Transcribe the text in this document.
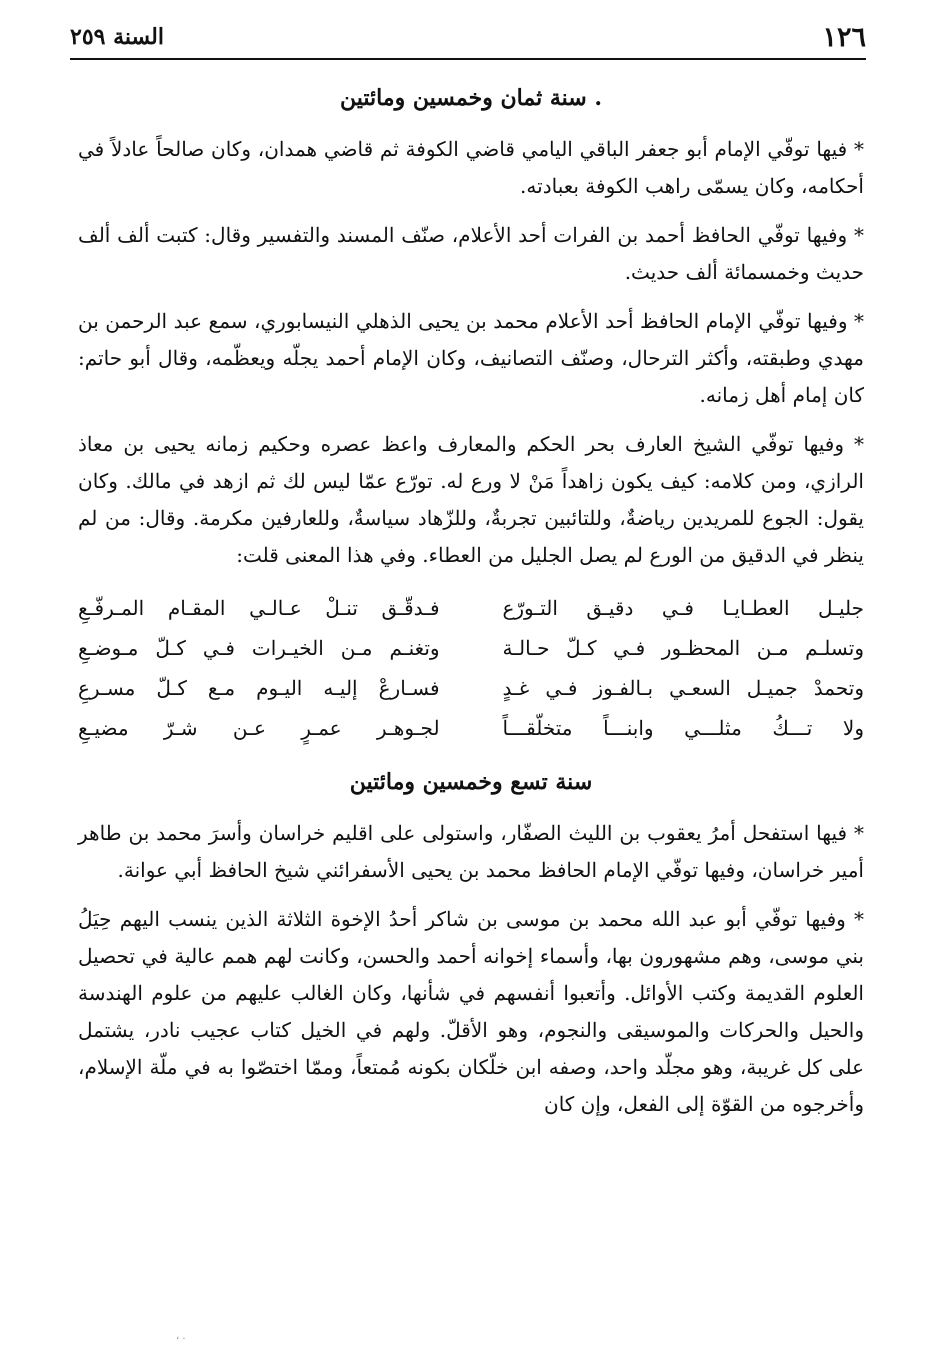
١٢٦
السنة ٢٥٩
. سنة ثمان وخمسين ومائتين

* فيها توفّي الإمام أبو جعفر الباقي اليامي قاضي الكوفة ثم قاضي همدان، وكان صالحاً عادلاً في أحكامه، وكان يسمّى راهب الكوفة بعبادته.

* وفيها توفّي الحافظ أحمد بن الفرات أحد الأعلام، صنّف المسند والتفسير وقال: كتبت ألف ألف حديث وخمسمائة ألف حديث.

* وفيها توفّي الإمام الحافظ أحد الأعلام محمد بن يحيى الذهلي النيسابوري، سمع عبد الرحمن بن مهدي وطبقته، وأكثر الترحال، وصنّف التصانيف، وكان الإمام أحمد يجلّه ويعظّمه، وقال أبو حاتم: كان إمام أهل زمانه.

* وفيها توفّي الشيخ العارف بحر الحكم والمعارف واعظ عصره وحكيم زمانه يحيى بن معاذ الرازي، ومن كلامه: كيف يكون زاهداً مَنْ لا ورع له. تورّع عمّا ليس لك ثم ازهد في مالك. وكان يقول: الجوع للمريدين رياضةٌ، وللتائبين تجربةٌ، وللزّهاد سياسةٌ، وللعارفين مكرمة. وقال: من لم ينظر في الدقيق من الورع لم يصل الجليل من العطاء. وفي هذا المعنى قلت:

جليـل العطـايـا فـي دقيـق التـورّع
فـدقّـق تنـلْ عـالـي المقـام المـرفّـعِ
وتسلـم مـن المحظـور فـي كـلّ حـالـة
وتغنـم مـن الخيـرات فـي كـلّ مـوضـعِ
وتحمدْ جميـل السعـي بـالفـوز فـي غـدٍ
فسـارعْ إليـه اليـوم مـع كـلّ مسـرعِ
ولا تـــكُ مثلـــي وابنـــاً متخلّقـــاً
لجـوهـر عمـرٍ عـن شـرّ مضيـعِ
سنة تسع وخمسين ومائتين

* فيها استفحل أمرُ يعقوب بن الليث الصفّار، واستولى على اقليم خراسان وأسرَ محمد بن طاهر أمير خراسان، وفيها توفّي الإمام الحافظ محمد بن يحيى الأسفرائني شيخ الحافظ أبي عوانة.

* وفيها توفّي أبو عبد الله محمد بن موسى بن شاكر أحدُ الإخوة الثلاثة الذين ينسب اليهم حِيَلُ بني موسى، وهم مشهورون بها، وأسماء إخوانه أحمد والحسن، وكانت لهم همم عالية في تحصيل العلوم القديمة وكتب الأوائل. وأتعبوا أنفسهم في شأنها، وكان الغالب عليهم من علوم الهندسة والحيل والحركات والموسيقى والنجوم، وهو الأقلّ. ولهم في الخيل كتاب عجيب نادر، يشتمل على كل غريبة، وهو مجلّد واحد، وصفه ابن خلّكان بكونه مُمتعاً، وممّا اختصّوا به في ملّة الإسلام، وأخرجوه من القوّة إلى الفعل، وإن كان

، .
